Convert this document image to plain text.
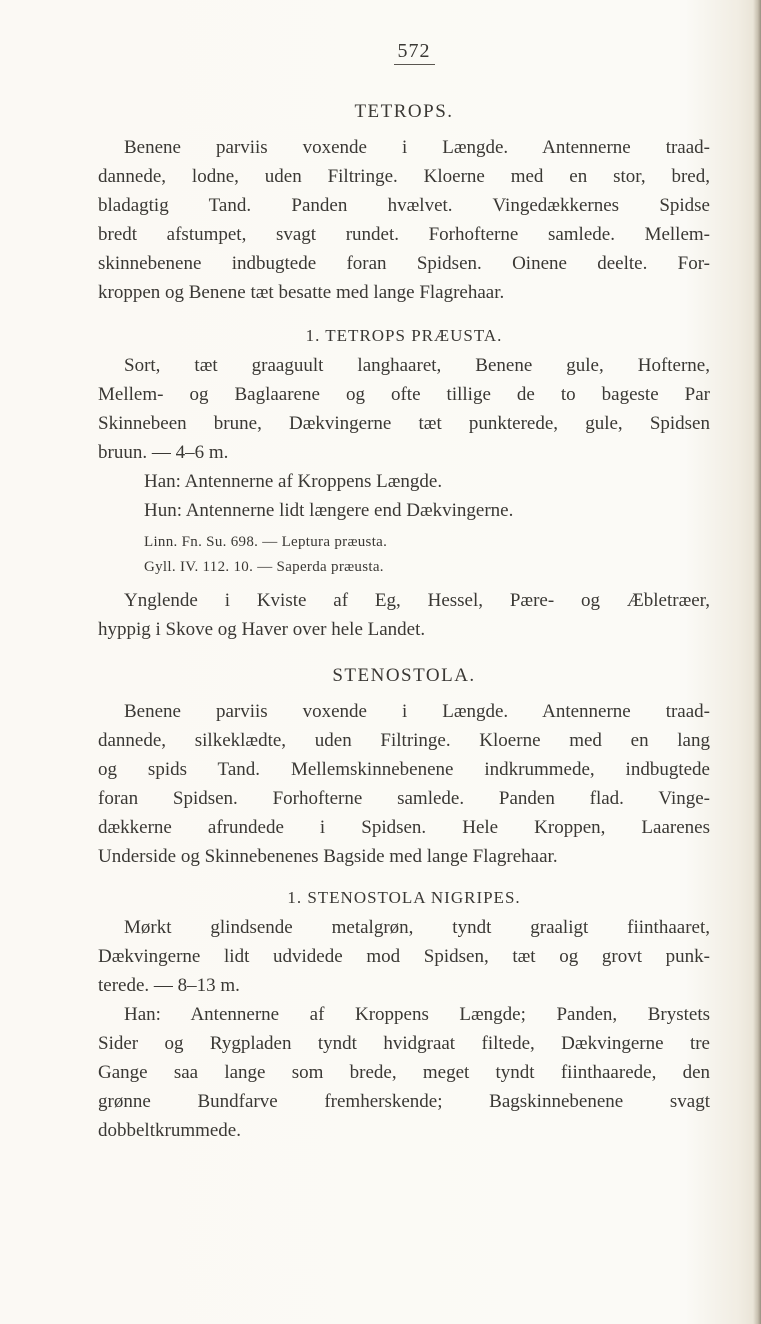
572
TETROPS.
Benene parviis voxende i Længde. Antennerne traad-
dannede, lodne, uden Filtringe. Kloerne med en stor, bred,
bladagtig Tand. Panden hvælvet. Vingedækkernes Spidse
bredt afstumpet, svagt rundet. Forhofterne samlede. Mellem-
skinnebenene indbugtede foran Spidsen. Oinene deelte. For-
kroppen og Benene tæt besatte med lange Flagrehaar.
1. TETROPS PRÆUSTA.
Sort, tæt graaguult langhaaret, Benene gule, Hofterne,
Mellem- og Baglaarene og ofte tillige de to bageste Par
Skinnebeen brune, Dækvingerne tæt punkterede, gule, Spidsen
bruun. — 4–6 m.
Han: Antennerne af Kroppens Længde.
Hun: Antennerne lidt længere end Dækvingerne.
Linn. Fn. Su. 698. — Leptura præusta.
Gyll. IV. 112. 10. — Saperda præusta.
Ynglende i Kviste af Eg, Hessel, Pære- og Æbletræer,
hyppig i Skove og Haver over hele Landet.
STENOSTOLA.
Benene parviis voxende i Længde. Antennerne traad-
dannede, silkeklædte, uden Filtringe. Kloerne med en lang
og spids Tand. Mellemskinnebenene indkrummede, indbugtede
foran Spidsen. Forhofterne samlede. Panden flad. Vinge-
dækkerne afrundede i Spidsen. Hele Kroppen, Laarenes
Underside og Skinnebenenes Bagside med lange Flagrehaar.
1. STENOSTOLA NIGRIPES.
Mørkt glindsende metalgrøn, tyndt graaligt fiinthaaret,
Dækvingerne lidt udvidede mod Spidsen, tæt og grovt punk-
terede. — 8–13 m.
Han: Antennerne af Kroppens Længde; Panden, Brystets
Sider og Rygpladen tyndt hvidgraat filtede, Dækvingerne tre
Gange saa lange som brede, meget tyndt fiinthaarede, den
grønne Bundfarve fremherskende; Bagskinnebenene svagt
dobbeltkrummede.
